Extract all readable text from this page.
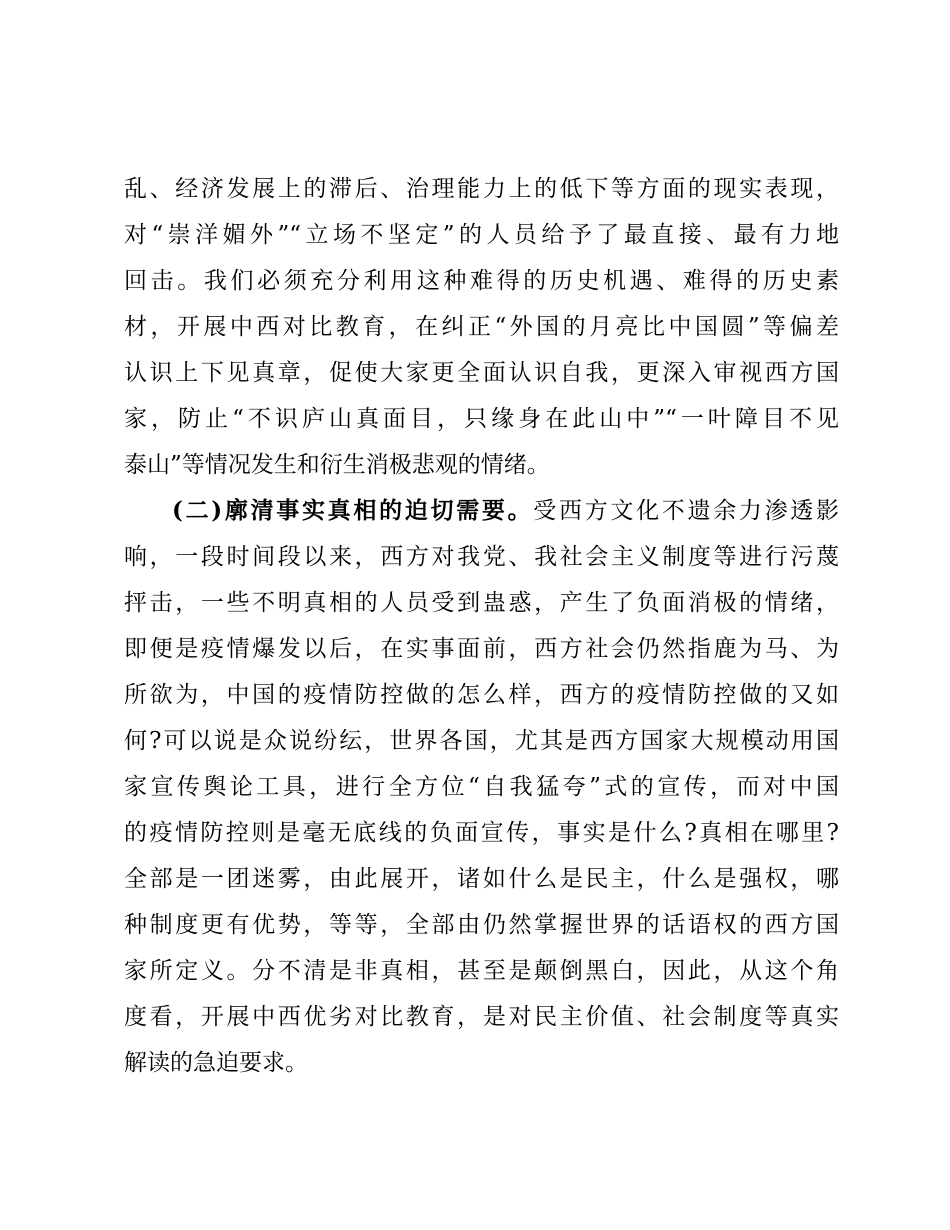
乱、经济发展上的滞后、治理能力上的低下等方面的现实表现，
对“崇洋媚外”“立场不坚定”的人员给予了最直接、最有力地
回击。我们必须充分利用这种难得的历史机遇、难得的历史素
材，开展中西对比教育，在纠正“外国的月亮比中国圆”等偏差
认识上下见真章，促使大家更全面认识自我，更深入审视西方国
家，防止“不识庐山真面目，只缘身在此山中”“一叶障目不见
泰山”等情况发生和衍生消极悲观的情绪。
(二)廓清事实真相的迫切需要。受西方文化不遗余力渗透影
响，一段时间段以来，西方对我党、我社会主义制度等进行污蔑
抨击，一些不明真相的人员受到蛊惑，产生了负面消极的情绪，
即便是疫情爆发以后，在实事面前，西方社会仍然指鹿为马、为
所欲为，中国的疫情防控做的怎么样，西方的疫情防控做的又如
何?可以说是众说纷纭，世界各国，尤其是西方国家大规模动用国
家宣传舆论工具，进行全方位“自我猛夸”式的宣传，而对中国
的疫情防控则是毫无底线的负面宣传，事实是什么?真相在哪里?
全部是一团迷雾，由此展开，诸如什么是民主，什么是强权，哪
种制度更有优势，等等，全部由仍然掌握世界的话语权的西方国
家所定义。分不清是非真相，甚至是颠倒黑白，因此，从这个角
度看，开展中西优劣对比教育，是对民主价值、社会制度等真实
解读的急迫要求。
